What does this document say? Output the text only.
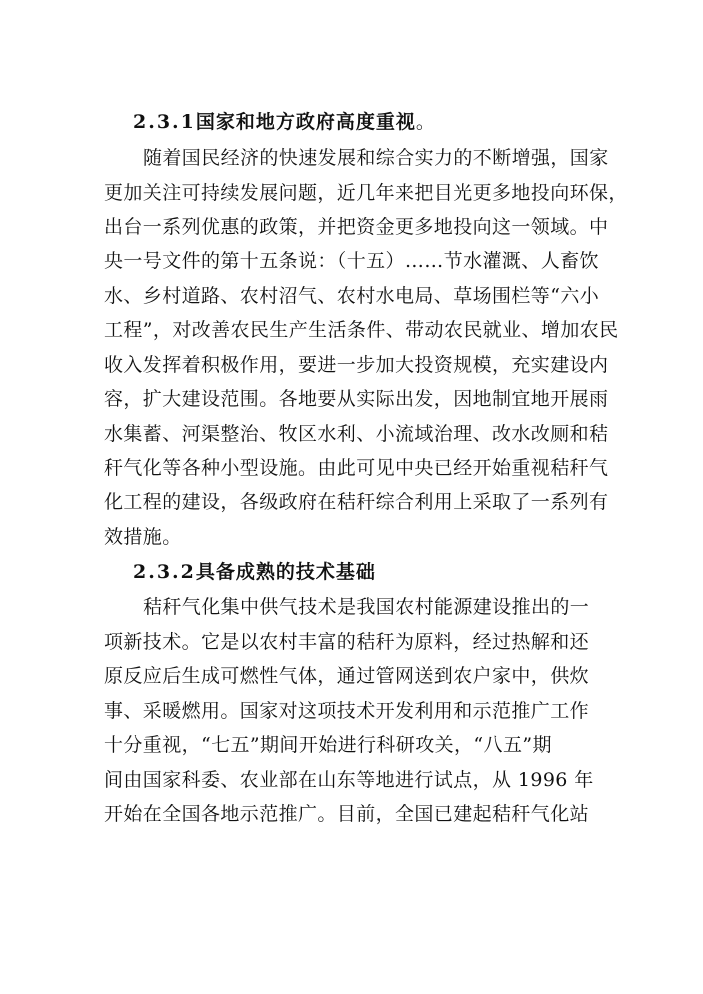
2.3.1国家和地方政府高度重视。
随着国民经济的快速发展和综合实力的不断增强，国家
更加关注可持续发展问题，近几年来把目光更多地投向环保，
出台一系列优惠的政策，并把资金更多地投向这一领域。中
央一号文件的第十五条说：（十五）……节水灌溉、人畜饮
水、乡村道路、农村沼气、农村水电局、草场围栏等“六小
工程”，对改善农民生产生活条件、带动农民就业、增加农民
收入发挥着积极作用，要进一步加大投资规模，充实建设内
容，扩大建设范围。各地要从实际出发，因地制宜地开展雨
水集蓄、河渠整治、牧区水利、小流域治理、改水改厕和秸
秆气化等各种小型设施。由此可见中央已经开始重视秸秆气
化工程的建设，各级政府在秸秆综合利用上采取了一系列有
效措施。
2.3.2具备成熟的技术基础
秸秆气化集中供气技术是我国农村能源建设推出的一
项新技术。它是以农村丰富的秸秆为原料，经过热解和还
原反应后生成可燃性气体，通过管网送到农户家中，供炊
事、采暖燃用。国家对这项技术开发利用和示范推广工作
十分重视，“七五”期间开始进行科研攻关，“八五”期
间由国家科委、农业部在山东等地进行试点，从 1996 年
开始在全国各地示范推广。目前，全国已建起秸秆气化站
